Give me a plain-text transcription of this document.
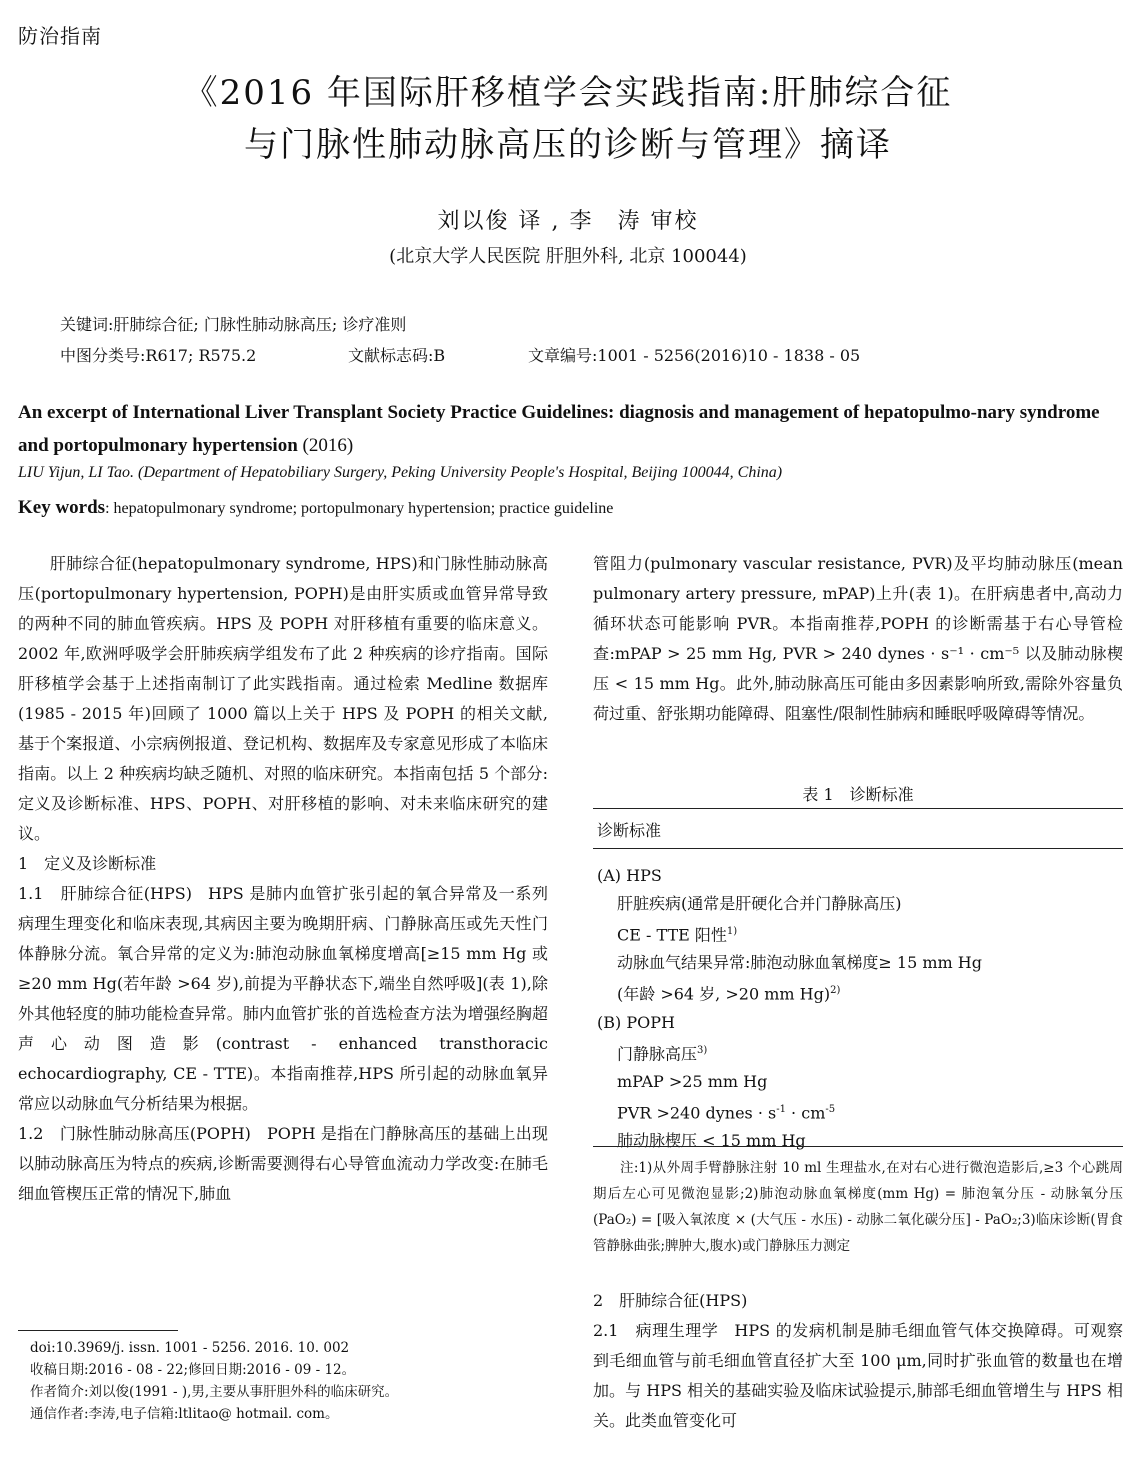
防治指南
《2016 年国际肝移植学会实践指南:肝肺综合征
与门脉性肺动脉高压的诊断与管理》摘译
刘以俊 译 , 李　涛 审校
(北京大学人民医院 肝胆外科, 北京 100044)
关键词:肝肺综合征; 门脉性肺动脉高压; 诊疗准则
中图分类号:R617; R575.2	文献标志码:B	文章编号:1001 - 5256(2016)10 - 1838 - 05
An excerpt of International Liver Transplant Society Practice Guidelines: diagnosis and management of hepatopulmo-nary syndrome and portopulmonary hypertension (2016)
LIU Yijun, LI Tao. (Department of Hepatobiliary Surgery, Peking University People's Hospital, Beijing 100044, China)
Key words: hepatopulmonary syndrome; portopulmonary hypertension; practice guideline

肝肺综合征(hepatopulmonary syndrome, HPS)和门脉性肺动脉高压(portopulmonary hypertension, POPH)是由肝实质或血管异常导致的两种不同的肺血管疾病。HPS 及 POPH 对肝移植有重要的临床意义。2002 年,欧洲呼吸学会肝肺疾病学组发布了此 2 种疾病的诊疗指南。国际肝移植学会基于上述指南制订了此实践指南。通过检索 Medline 数据库(1985 - 2015 年)回顾了 1000 篇以上关于 HPS 及 POPH 的相关文献,基于个案报道、小宗病例报道、登记机构、数据库及专家意见形成了本临床指南。以上 2 种疾病均缺乏随机、对照的临床研究。本指南包括 5 个部分:定义及诊断标准、HPS、POPH、对肝移植的影响、对未来临床研究的建议。

1　定义及诊断标准

1.1　肝肺综合征(HPS) HPS 是肺内血管扩张引起的氧合异常及一系列病理生理变化和临床表现,其病因主要为晚期肝病、门静脉高压或先天性门体静脉分流。氧合异常的定义为:肺泡动脉血氧梯度增高[≥15 mm Hg 或≥20 mm Hg(若年龄 >64 岁),前提为平静状态下,端坐自然呼吸](表 1),除外其他轻度的肺功能检查异常。肺内血管扩张的首选检查方法为增强经胸超声心动图造影(contrast - enhanced transthoracic echocardiography, CE - TTE)。本指南推荐,HPS 所引起的动脉血氧异常应以动脉血气分析结果为根据。

1.2　门脉性肺动脉高压(POPH) POPH 是指在门静脉高压的基础上出现以肺动脉高压为特点的疾病,诊断需要测得右心导管血流动力学改变:在肺毛细血管楔压正常的情况下,肺血

管阻力(pulmonary vascular resistance, PVR)及平均肺动脉压(mean pulmonary artery pressure, mPAP)上升(表 1)。在肝病患者中,高动力循环状态可能影响 PVR。本指南推荐,POPH 的诊断需基于右心导管检查:mPAP > 25 mm Hg, PVR > 240 dynes · s⁻¹ · cm⁻⁵ 以及肺动脉楔压 < 15 mm Hg。此外,肺动脉高压可能由多因素影响所致,需除外容量负荷过重、舒张期功能障碍、阻塞性/限制性肺病和睡眠呼吸障碍等情况。

表 1　诊断标准
诊断标准
(A) HPS
肝脏疾病(通常是肝硬化合并门静脉高压)
CE - TTE 阳性$^{1)}$
动脉血气结果异常:肺泡动脉血氧梯度≥ 15 mm Hg
(年龄 >64 岁, >20 mm Hg)$^{2)}$
(B) POPH
门静脉高压$^{3)}$
mPAP >25 mm Hg
PVR >240 dynes · $s^{-1} \cdot cm^{-5}$
肺动脉楔压 < 15 mm Hg
注:1)从外周手臂静脉注射 10 ml 生理盐水,在对右心进行微泡造影后,≥3 个心跳周期后左心可见微泡显影;2)肺泡动脉血氧梯度(mm Hg) = 肺泡氧分压 - 动脉氧分压(PaO₂) = [吸入氧浓度 × (大气压 - 水压) - 动脉二氧化碳分压] - PaO₂;3)临床诊断(胃食管静脉曲张;脾肿大,腹水)或门静脉压力测定

2　肝肺综合征(HPS)

2.1　病理生理学 HPS 的发病机制是肺毛细血管气体交换障碍。可观察到毛细血管与前毛细血管直径扩大至 100 μm,同时扩张血管的数量也在增加。与 HPS 相关的基础实验及临床试验提示,肺部毛细血管增生与 HPS 相关。此类血管变化可

doi:10.3969/j. issn. 1001 - 5256. 2016. 10. 002
收稿日期:2016 - 08 - 22;修回日期:2016 - 09 - 12。
作者简介:刘以俊(1991 - ),男,主要从事肝胆外科的临床研究。
通信作者:李涛,电子信箱:ltlitao@ hotmail. com。
